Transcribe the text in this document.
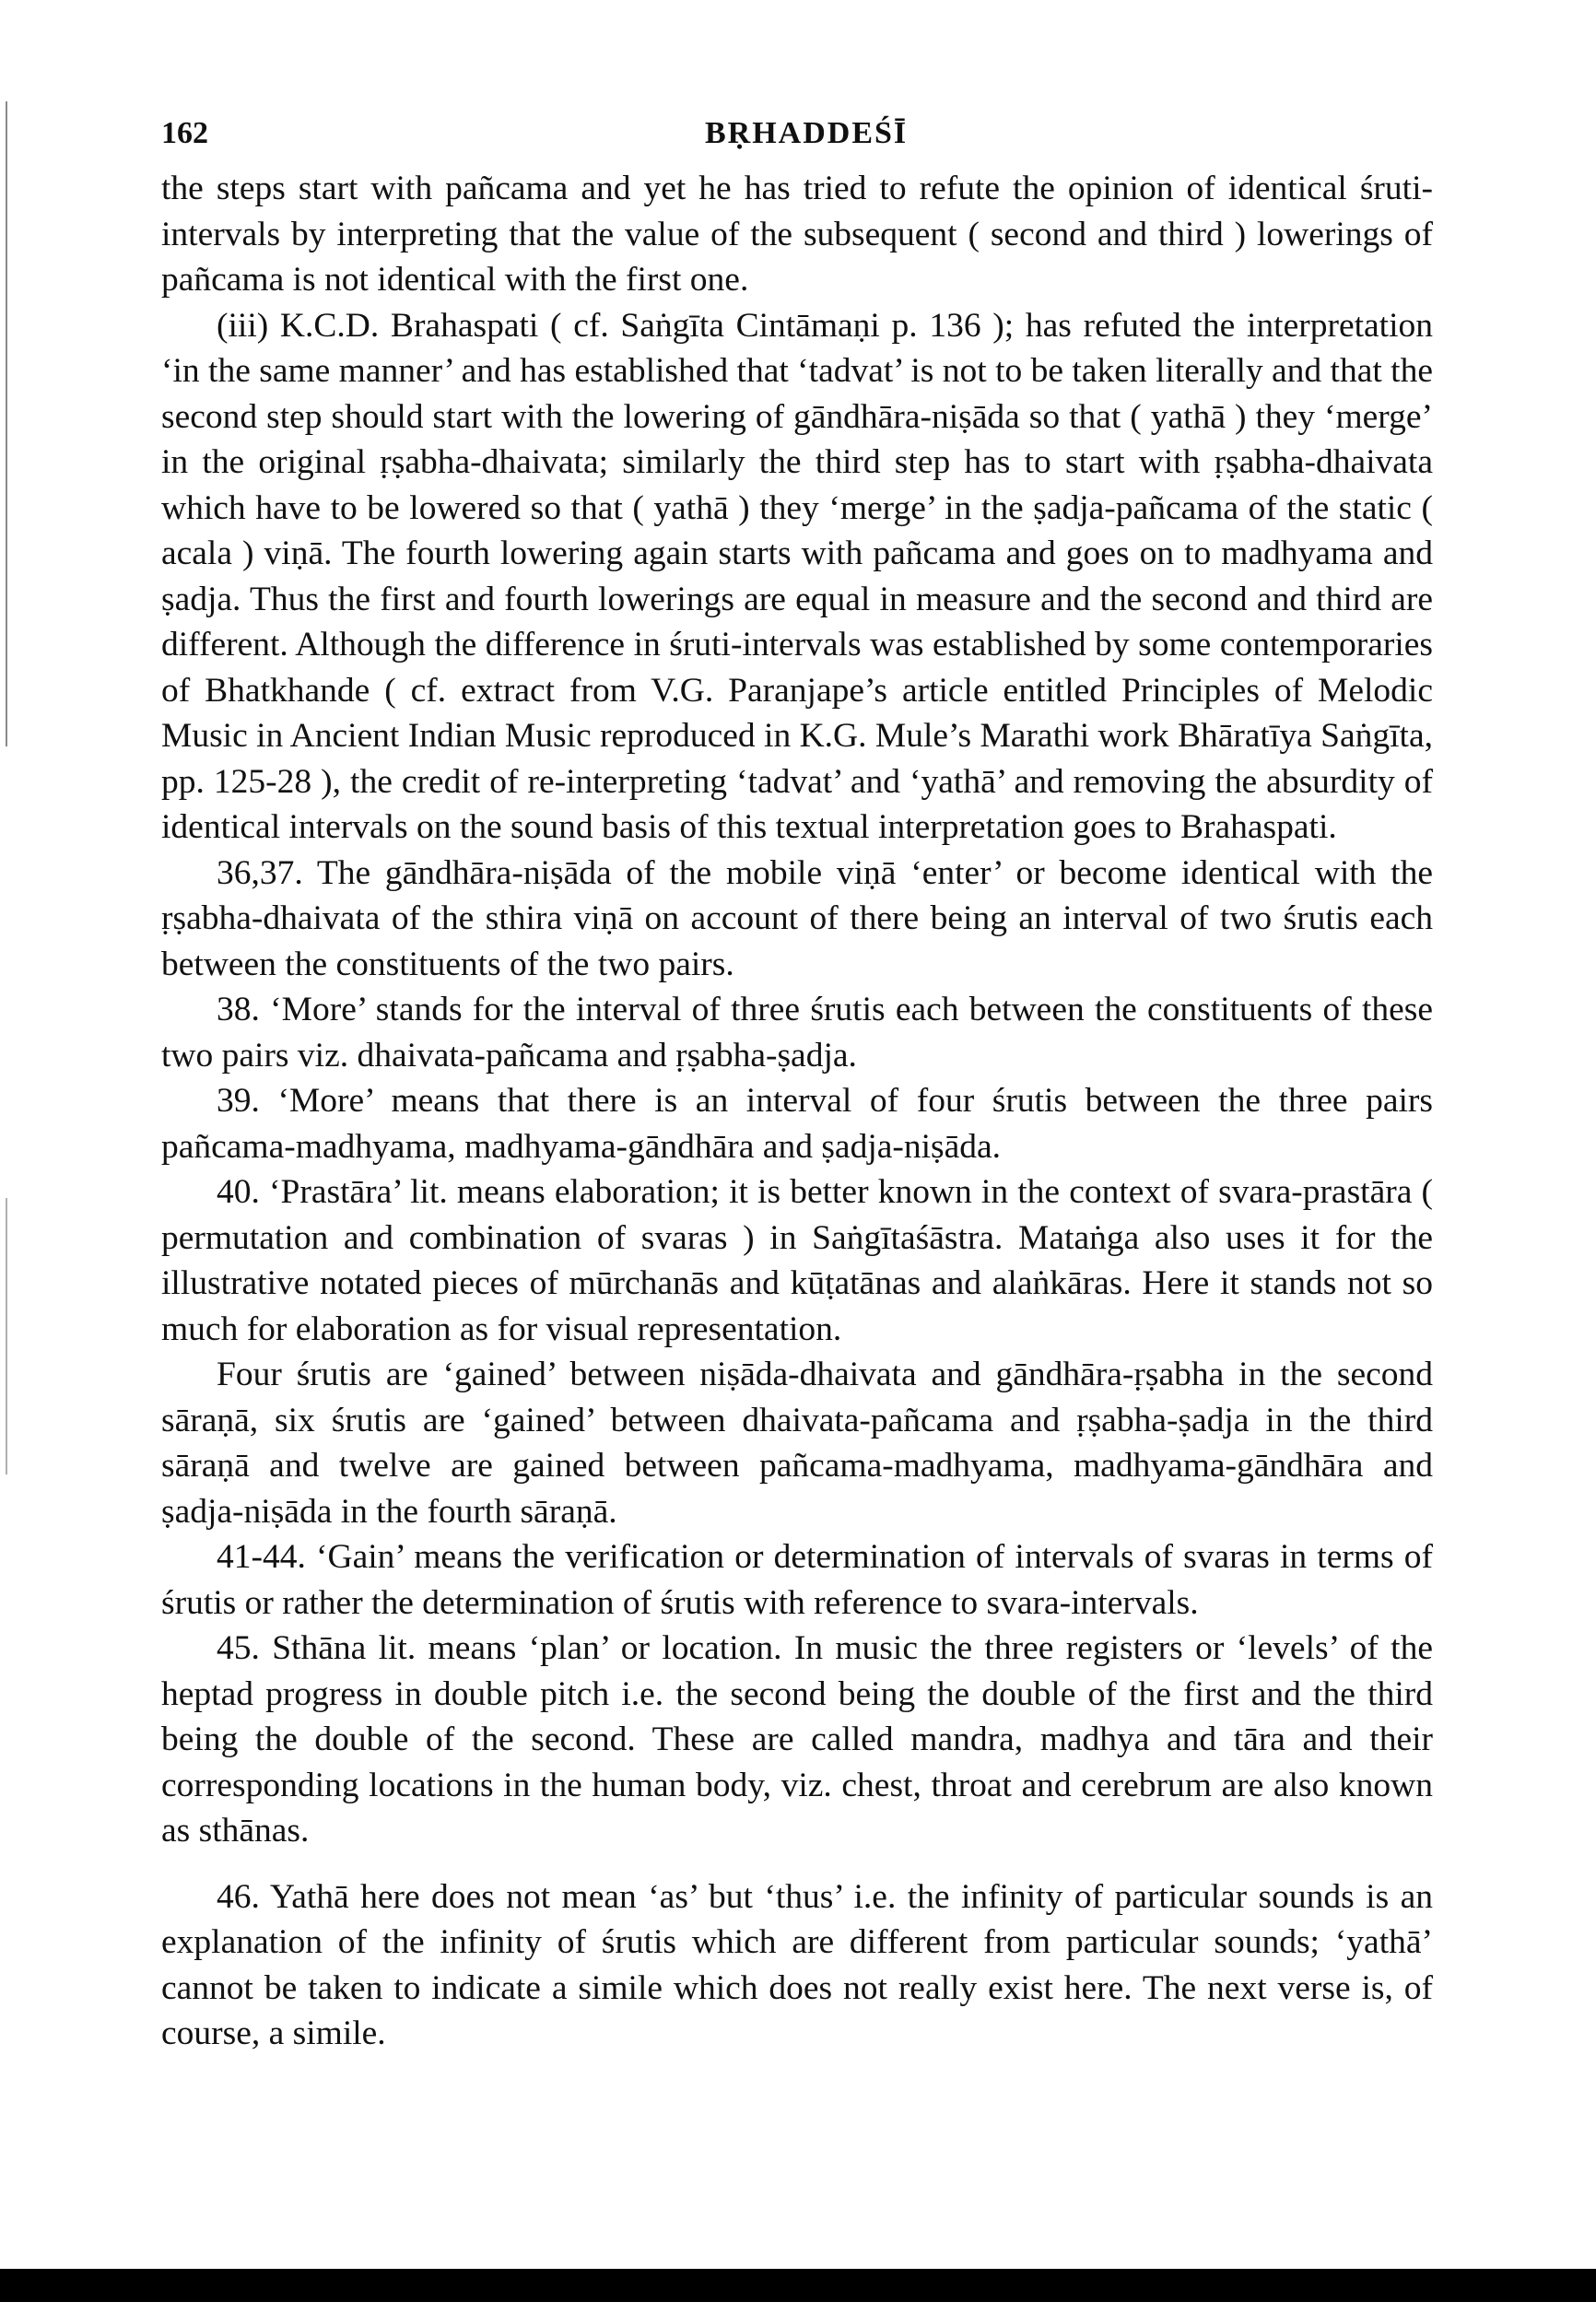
162	BṚHADDEŚĪ

the steps start with pañcama and yet he has tried to refute the opinion of identical śruti-intervals by interpreting that the value of the subsequent ( second and third ) lowerings of pañcama is not identical with the first one.

(iii) K.C.D. Brahaspati ( cf. Saṅgīta Cintāmaṇi p. 136 ); has refuted the interpretation ‘in the same manner’ and has established that ‘tadvat’ is not to be taken literally and that the second step should start with the lowering of gāndhāra-niṣāda so that ( yathā ) they ‘merge’ in the original ṛṣabha-dhaivata; similarly the third step has to start with ṛṣabha-dhaivata which have to be lowered so that ( yathā ) they ‘merge’ in the ṣadja-pañcama of the static ( acala ) viṇā. The fourth lowering again starts with pañcama and goes on to madhyama and ṣadja. Thus the first and fourth lowerings are equal in measure and the second and third are different. Although the difference in śruti-intervals was established by some contemporaries of Bhatkhande ( cf. extract from V.G. Paranjape’s article entitled Principles of Melodic Music in Ancient Indian Music reproduced in K.G. Mule’s Marathi work Bhāratīya Saṅgīta, pp. 125-28 ), the credit of re-interpreting ‘tadvat’ and ‘yathā’ and removing the absurdity of identical intervals on the sound basis of this textual interpretation goes to Brahaspati.

36,37. The gāndhāra-niṣāda of the mobile viṇā ‘enter’ or become identical with the ṛṣabha-dhaivata of the sthira viṇā on account of there being an interval of two śrutis each between the constituents of the two pairs.

38. ‘More’ stands for the interval of three śrutis each between the constituents of these two pairs viz. dhaivata-pañcama and ṛṣabha-ṣadja.

39. ‘More’ means that there is an interval of four śrutis between the three pairs pañcama-madhyama, madhyama-gāndhāra and ṣadja-niṣāda.

40. ‘Prastāra’ lit. means elaboration; it is better known in the context of svara-prastāra ( permutation and combination of svaras ) in Saṅgītaśāstra. Mataṅga also uses it for the illustrative notated pieces of mūrchanās and kūṭatānas and alaṅkāras. Here it stands not so much for elaboration as for visual representation.

Four śrutis are ‘gained’ between niṣāda-dhaivata and gāndhāra-ṛṣabha in the second sāraṇā, six śrutis are ‘gained’ between dhaivata-pañcama and ṛṣabha-ṣadja in the third sāraṇā and twelve are gained between pañcama-madhyama, madhyama-gāndhāra and ṣadja-niṣāda in the fourth sāraṇā.

41-44. ‘Gain’ means the verification or determination of intervals of svaras in terms of śrutis or rather the determination of śrutis with reference to svara-intervals.

45. Sthāna lit. means ‘plan’ or location. In music the three registers or ‘levels’ of the heptad progress in double pitch i.e. the second being the double of the first and the third being the double of the second. These are called mandra, madhya and tāra and their corresponding locations in the human body, viz. chest, throat and cerebrum are also known as sthānas.

46. Yathā here does not mean ‘as’ but ‘thus’ i.e. the infinity of particular sounds is an explanation of the infinity of śrutis which are different from particular sounds; ‘yathā’ cannot be taken to indicate a simile which does not really exist here. The next verse is, of course, a simile.
